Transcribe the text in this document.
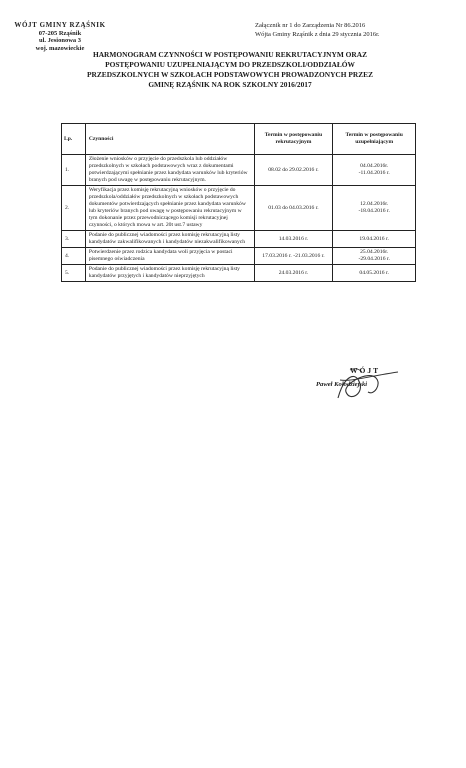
WÓJT GMINY RZĄŚNIK
07-205 Rząśnik
ul. Jesionowa 3
woj. mazowieckie
Załącznik nr 1 do Zarządzenia Nr 86.2016
Wójta Gminy Rząśnik z dnia 29 stycznia 2016r.
HARMONOGRAM CZYNNOŚCI W POSTĘPOWANIU REKRUTACYJNYM ORAZ
POSTĘPOWANIU UZUPEŁNIAJĄCYM DO PRZEDSZKOLI/ODDZIAŁÓW
PRZEDSZKOLNYCH W SZKOŁACH PODSTAWOWYCH PROWADZONYCH PRZEZ
GMINĘ RZĄŚNIK NA ROK SZKOLNY 2016/2017
Lp.	Czynności	Termin w postępowaniu rekrutacyjnym	Termin w postępowaniu uzupełniającym
1.	Złożenie wniosków o przyjęcie do przedszkola lub oddziałów przedszkolnych w szkołach podstawowych wraz z dokumentami potwierdzającymi spełnianie przez kandydata warunków lub kryteriów branych pod uwagę w postępowaniu rekrutacyjnym.	08.02 do 29.02.2016 r.	04.04.2016r.
-11.04.2016 r.

2.	Weryfikacja przez komisję rekrutacyjną wniosków o przyjęcie do przedszkola/oddziałów przedszkolnych w szkołach podstawowych dokumentów potwierdzających spełnianie przez kandydata warunków lub kryteriów branych pod uwagę w postępowaniu rekrutacyjnym w tym dokonanie przez przewodniczącego komisji rekrutacyjnej czynności, o których mowa w art. 20t ust.7 ustawy	01.03 do 04.03.2016 r.	12.04.2016r.
-18.04.2016 r.

3.	Podanie do publicznej wiadomości przez komisję rekrutacyjną listy kandydatów zakwalifikowanych i kandydatów niezakwalifikowanych	14.03.2016 r.	19.04.2016 r.

4.	Potwierdzenie przez rodzica kandydata woli przyjęcia w postaci pisemnego oświadczenia	17.03.2016 r. -21.03.2016 r.	25.04.2016r.
-29.04.2016 r.

5.	Podanie do publicznej wiadomości przez komisję rekrutacyjną listy kandydatów przyjętych i kandydatów nieprzyjętych	24.03.2016 r.	04.05.2016 r.
WÓJT
Paweł Kołodziejski
